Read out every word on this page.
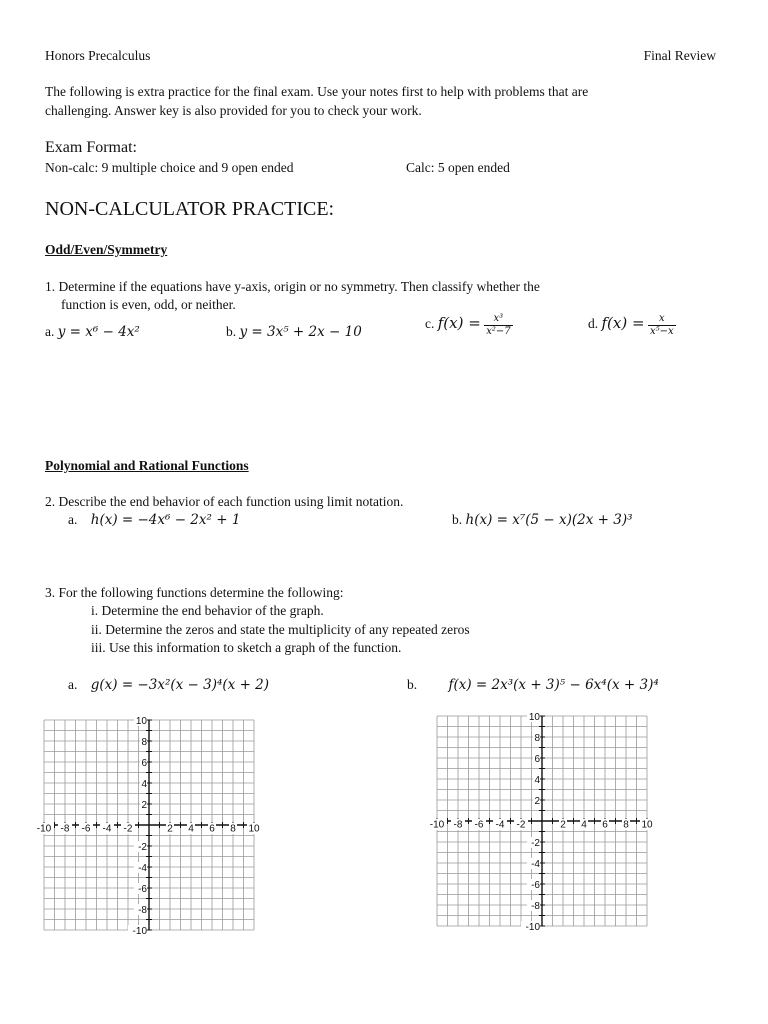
Honors Precalculus	Final Review
The following is extra practice for the final exam. Use your notes first to help with problems that are
challenging. Answer key is also provided for you to check your work.
Exam Format:
Non-calc: 9 multiple choice and 9 open ended	Calc: 5 open ended
NON-CALCULATOR PRACTICE:
Odd/Even/Symmetry
1. Determine if the equations have y-axis, origin or no symmetry. Then classify whether the
function is even, odd, or neither.
a. y = x⁶ − 4x²	b. y = 3x⁵ + 2x − 10
c. $f(x) = \frac{\text{x³}}{\text{x²−7}}$	d. $f(x) = \frac{x}{\text{x⁵−x}}$
Polynomial and Rational Functions
2. Describe the end behavior of each function using limit notation.
a. h(x) = −4x⁶ − 2x² + 1	b. h(x) = x⁷(5 − x)(2x + 3)³
3. For the following functions determine the following:
i. Determine the end behavior of the graph.
ii. Determine the zeros and state the multiplicity of any repeated zeros
iii. Use this information to sketch a graph of the function.
a. g(x) = −3x²(x − 3)⁴(x + 2)	b. f(x) = 2x³(x + 3)⁵ − 6x⁴(x + 3)⁴
-10 -8 -6 -4 -2	2 4 6 8 10
10
8
6
4
2
-2
-4
-6
-8
-10
-10 -8 -6 -4 -2	2 4 6 8 10
10
8
6
4
2
-2
-4
-6
-8
-10
